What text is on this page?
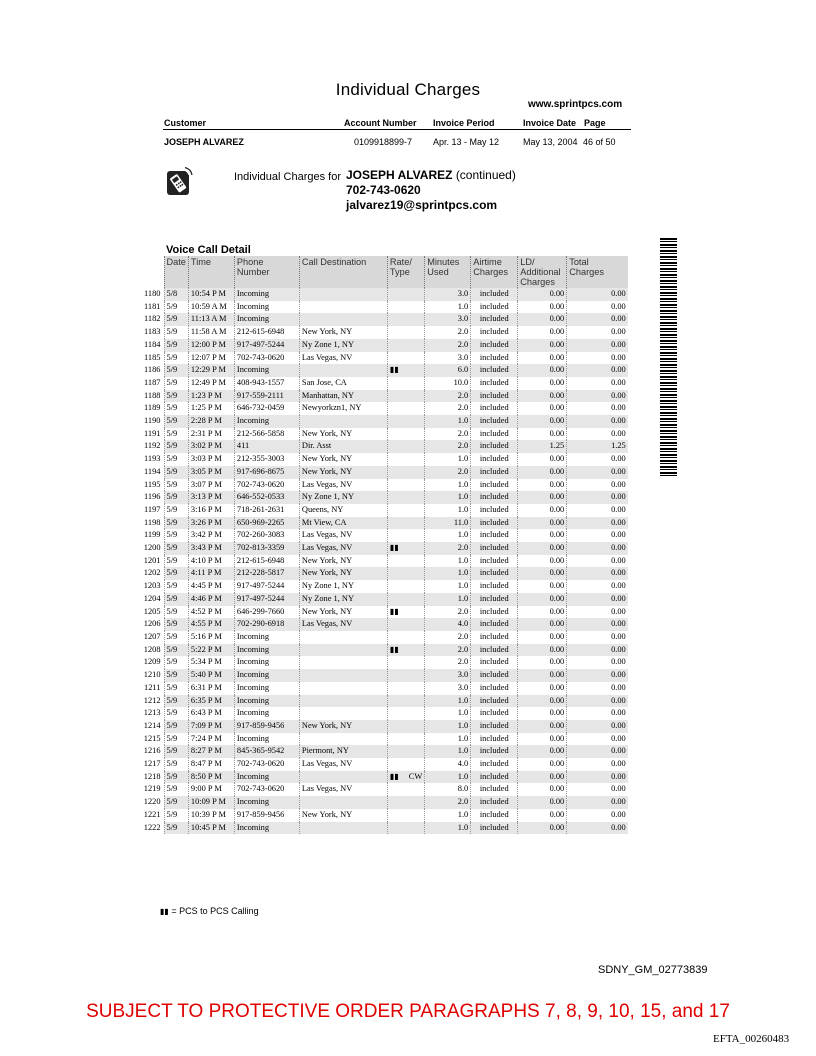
Individual Charges
www.sprintpcs.com
Customer	Account Number Invoice Period	Invoice Date Page
JOSEPH ALVAREZ	0109918899-7 Apr. 13 - May 12	May 13, 2004 46 of 50
Individual Charges for JOSEPH ALVAREZ (continued)
702-743-0620
jalvarez19@sprintpcs.com
Voice Call Detail
	Date	Time	Phone Number	Call Destination	Rate/ Type	Minutes Used	Airtime Charges	LD/ Additional Charges	Total Charges
1180	5/8	10:54 P M	Incoming			3.0	included	0.00	0.00
1181	5/9	10:59 A M	Incoming			1.0	included	0.00	0.00
1182	5/9	11:13 A M	Incoming			3.0	included	0.00	0.00
1183	5/9	11:58 A M	212-615-6948	New York, NY		2.0	included	0.00	0.00
1184	5/9	12:00 P M	917-497-5244	Ny Zone 1, NY		2.0	included	0.00	0.00
1185	5/9	12:07 P M	702-743-0620	Las Vegas, NV		3.0	included	0.00	0.00
1186	5/9	12:29 P M	Incoming		▮▮	6.0	included	0.00	0.00
1187	5/9	12:49 P M	408-943-1557	San Jose, CA		10.0	included	0.00	0.00
1188	5/9	1:23 P M	917-559-2111	Manhattan, NY		2.0	included	0.00	0.00
1189	5/9	1:25 P M	646-732-0459	Newyorkzn1, NY		2.0	included	0.00	0.00
1190	5/9	2:28 P M	Incoming			1.0	included	0.00	0.00
1191	5/9	2:31 P M	212-566-5858	New York, NY		2.0	included	0.00	0.00
1192	5/9	3:02 P M	411	Dir. Asst		2.0	included	1.25	1.25
1193	5/9	3:03 P M	212-355-3003	New York, NY		1.0	included	0.00	0.00
1194	5/9	3:05 P M	917-696-8675	New York, NY		2.0	included	0.00	0.00
1195	5/9	3:07 P M	702-743-0620	Las Vegas, NV		1.0	included	0.00	0.00
1196	5/9	3:13 P M	646-552-0533	Ny Zone 1, NY		1.0	included	0.00	0.00
1197	5/9	3:16 P M	718-261-2631	Queens, NY		1.0	included	0.00	0.00
1198	5/9	3:26 P M	650-969-2265	Mt View, CA		11.0	included	0.00	0.00
1199	5/9	3:42 P M	702-260-3083	Las Vegas, NV		1.0	included	0.00	0.00
1200	5/9	3:43 P M	702-813-3359	Las Vegas, NV	▮▮	2.0	included	0.00	0.00
1201	5/9	4:10 P M	212-615-6948	New York, NY		1.0	included	0.00	0.00
1202	5/9	4:11 P M	212-228-5817	New York, NY		1.0	included	0.00	0.00
1203	5/9	4:45 P M	917-497-5244	Ny Zone 1, NY		1.0	included	0.00	0.00
1204	5/9	4:46 P M	917-497-5244	Ny Zone 1, NY		1.0	included	0.00	0.00
1205	5/9	4:52 P M	646-299-7660	New York, NY	▮▮	2.0	included	0.00	0.00
1206	5/9	4:55 P M	702-290-6918	Las Vegas, NV		4.0	included	0.00	0.00
1207	5/9	5:16 P M	Incoming			2.0	included	0.00	0.00
1208	5/9	5:22 P M	Incoming		▮▮	2.0	included	0.00	0.00
1209	5/9	5:34 P M	Incoming			2.0	included	0.00	0.00
1210	5/9	5:40 P M	Incoming			3.0	included	0.00	0.00
1211	5/9	6:31 P M	Incoming			3.0	included	0.00	0.00
1212	5/9	6:35 P M	Incoming			1.0	included	0.00	0.00
1213	5/9	6:43 P M	Incoming			1.0	included	0.00	0.00
1214	5/9	7:09 P M	917-859-9456	New York, NY		1.0	included	0.00	0.00
1215	5/9	7:24 P M	Incoming			1.0	included	0.00	0.00
1216	5/9	8:27 P M	845-365-9542	Piermont, NY		1.0	included	0.00	0.00
1217	5/9	8:47 P M	702-743-0620	Las Vegas, NV		4.0	included	0.00	0.00
1218	5/9	8:50 P M	Incoming		▮▮ CW	1.0	included	0.00	0.00
1219	5/9	9:00 P M	702-743-0620	Las Vegas, NV		8.0	included	0.00	0.00
1220	5/9	10:09 P M	Incoming			2.0	included	0.00	0.00
1221	5/9	10:39 P M	917-859-9456	New York, NY		1.0	included	0.00	0.00
1222	5/9	10:45 P M	Incoming			1.0	included	0.00	0.00
▮▮ = PCS to PCS Calling
SDNY_GM_02773839
SUBJECT TO PROTECTIVE ORDER PARAGRAPHS 7, 8, 9, 10, 15, and 17
EFTA_00260483
